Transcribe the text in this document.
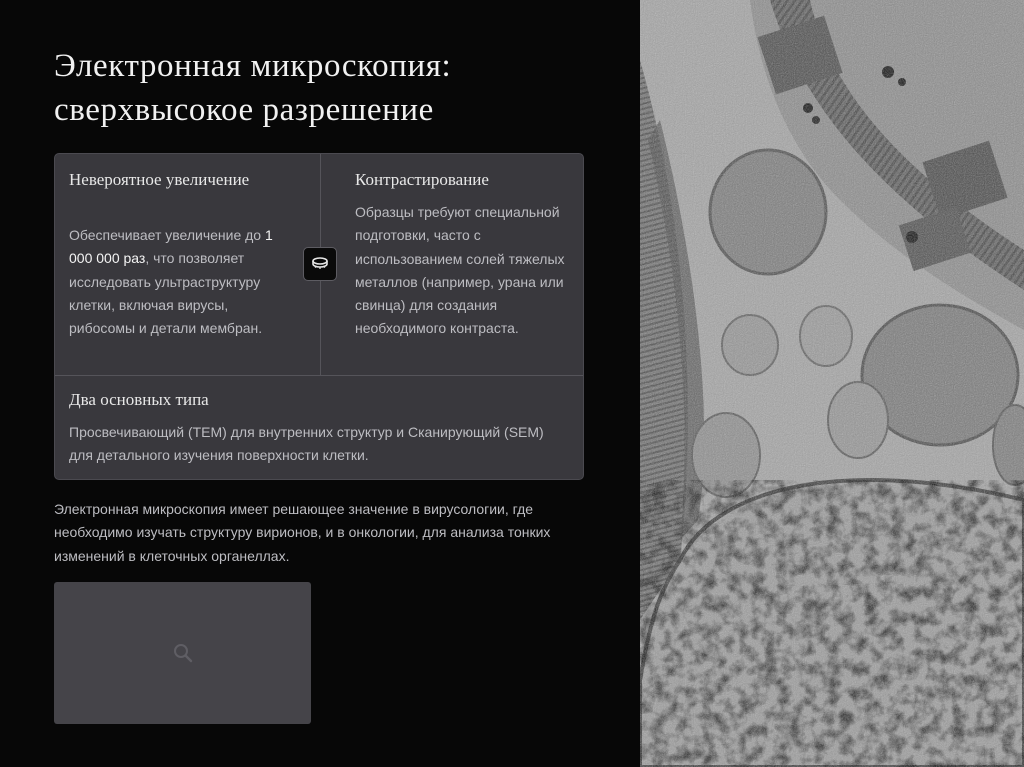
Электронная микроскопия:
сверхвысокое разрешение
Невероятное увеличение

Обеспечивает увеличение до 1 000 000 раз, что позволяет исследовать ультраструктуру клетки, включая вирусы, рибосомы и детали мембран.

Контрастирование

Образцы требуют специальной подготовки, часто с использованием солей тяжелых металлов (например, урана или свинца) для создания необходимого контраста.

Два основных типа

Просвечивающий (ТЕМ) для внутренних структур и Сканирующий (SEM) для детального изучения поверхности клетки.

Электронная микроскопия имеет решающее значение в вирусологии, где необходимо изучать структуру вирионов, и в онкологии, для анализа тонких изменений в клеточных органеллах.
